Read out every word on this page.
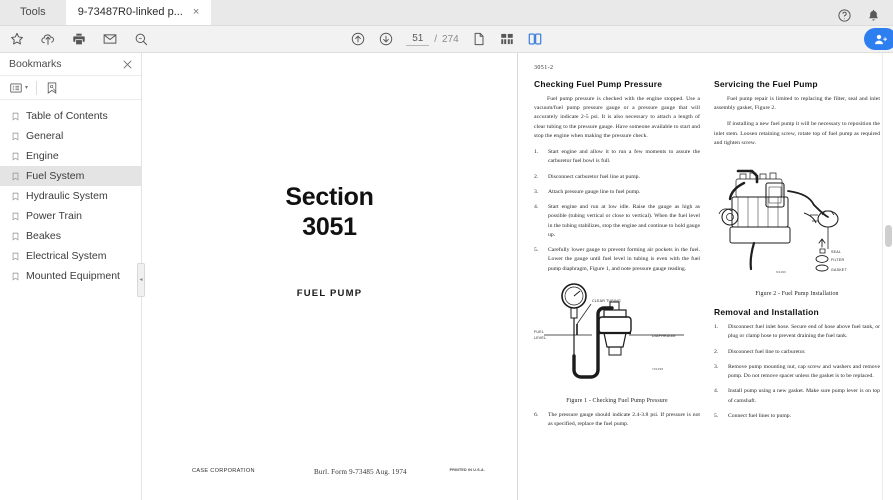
Tools	9-73487R0-linked p... ×
51
/ 274
Bookmarks
▾
Table of Contents
General
Engine
Fuel System
Hydraulic System
Power Train
Beakes
Electrical System
Mounted Equipment	◂
Section
3051
FUEL PUMP
CASE CORPORATION	Burl. Form 9-73485 Aug. 1974	PRINTED IN U.S.A.
3051-2
Checking Fuel Pump Pressure
Fuel pump pressure is checked with the engine stopped. Use a vacuum/fuel pump pressure gauge or a pressure gauge that will accurately indicate 2-5 psi. It is also necessary to attach a length of clear tubing to the pressure gauge. Have someone available to start and stop the engine when making the pressure check.
1.	Start engine and allow it to run a few moments to assure the carburetor fuel bowl is full.
2.	Disconnect carburetor fuel line at pump.
3.	Attach pressure gauge line to fuel pump.
4.	Start engine and run at low idle. Raise the gauge as high as possible (tubing vertical or close to vertical). When the fuel level in the tubing stabilizes, stop the engine and continue to hold gauge up.
5.	Carefully lower gauge to prevent forming air pockets in the fuel. Lower the gauge until fuel level in tubing is even with the fuel pump diaphragm, Figure 1, and note pressure gauge reading.
CLEAR TUBING
FUEL
LEVEL	DIAPHRAGM
791398
Figure 1 - Checking Fuel Pump Pressure
6.	The pressure gauge should indicate 2.4-3.8 psi. If pressure is not as specified, replace the fuel pump.
Servicing the Fuel Pump
Fuel pump repair is limited to replacing the filter, seal and inlet assembly gasket, Figure 2.
If installing a new fuel pump it will be necessary to reposition the inlet stem. Loosen retaining screw, rotate top of fuel pump as required and tighten screw.
SEAL
FILTER
GASKET
M1296
Figure 2 - Fuel Pump Installation
Removal and Installation
1.	Disconnect fuel inlet hose. Secure end of hose above fuel tank, or plug or clamp hose to prevent draining the fuel tank.
2.	Disconnect fuel line to carburetor.
3.	Remove pump mounting nut, cap screw and washers and remove pump. Do not remove spacer unless the gasket is to be replaced.
4.	Install pump using a new gasket. Make sure pump lever is on top of camshaft.
5.	Connect fuel lines to pump.
